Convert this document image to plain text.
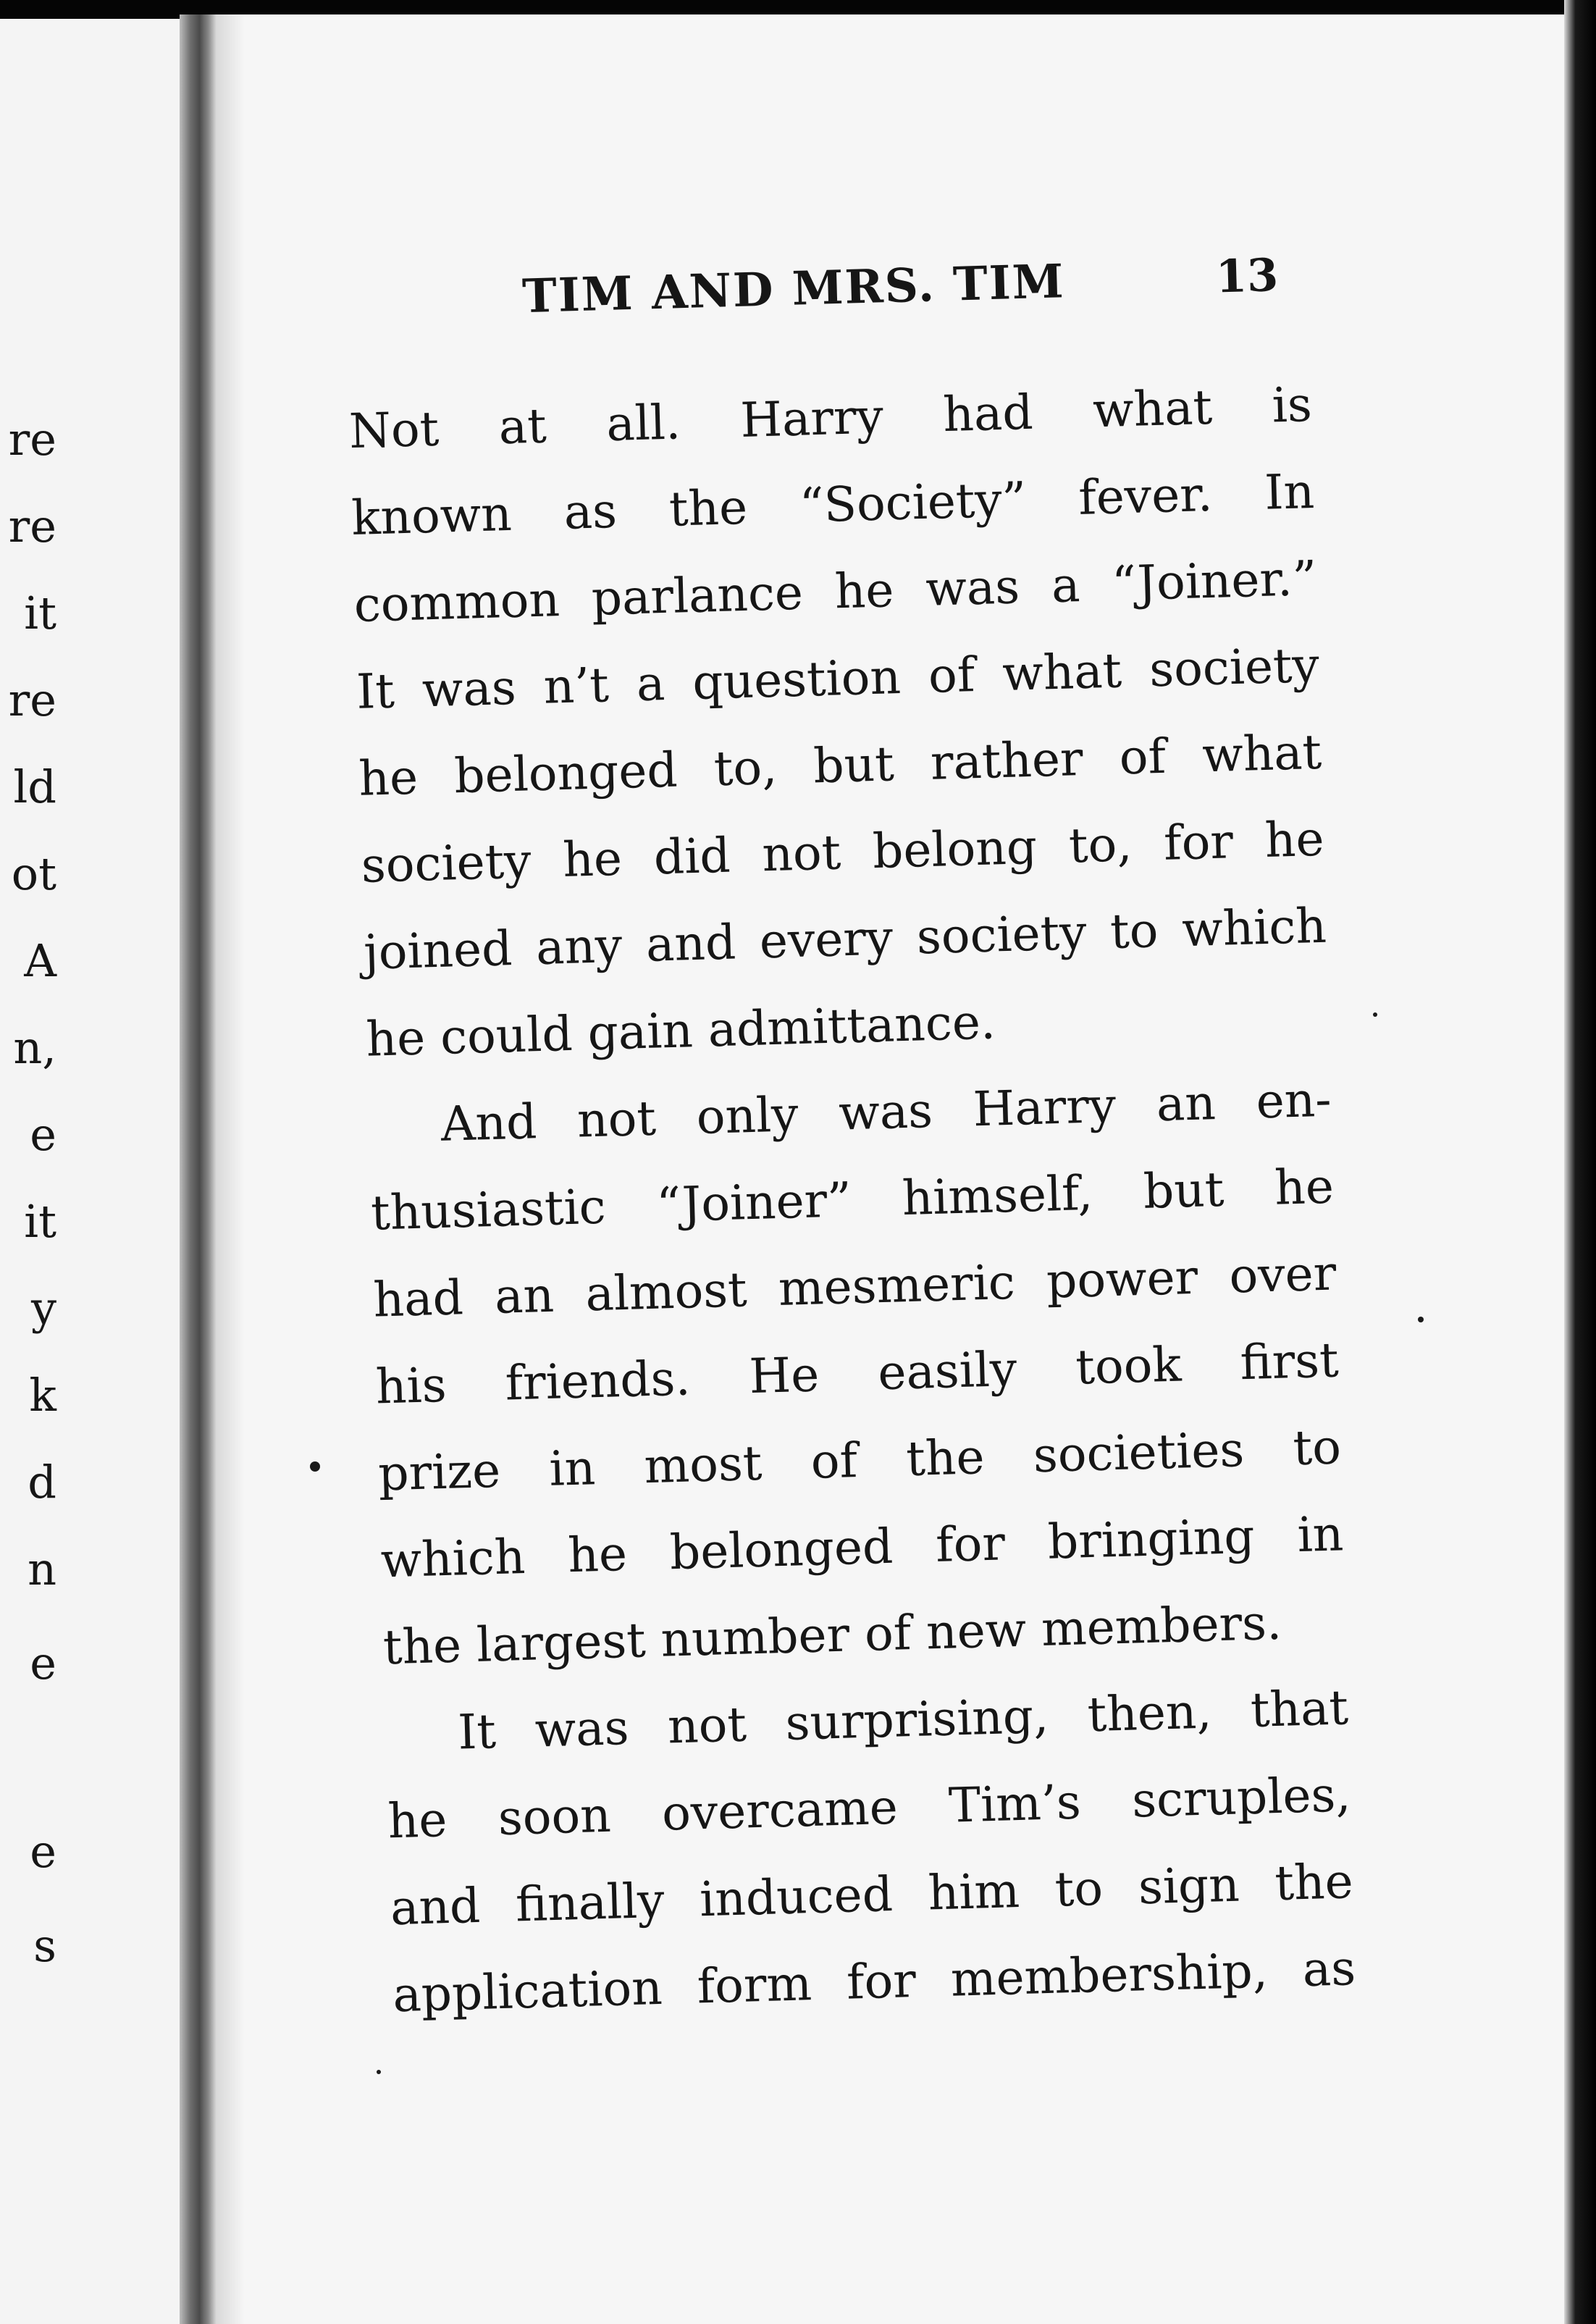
re
re
it
re
ld
ot
A
n,
e
it
y
k
d
n
e
e
s
TIM AND MRS. TIM	13
Not at all. Harry had what is
known as the “Society” fever. In
common parlance he was a “Joiner.”
It was n’t a question of what society
he belonged to, but rather of what
society he did not belong to, for he
joined any and every society to which
he could gain admittance.
And not only was Harry an en-
thusiastic “Joiner” himself, but he
had an almost mesmeric power over
his friends. He easily took first
prize in most of the societies to
which he belonged for bringing in
the largest number of new members.
It was not surprising, then, that
he soon overcame Tim’s scruples,
and finally induced him to sign the
application form for membership, as
